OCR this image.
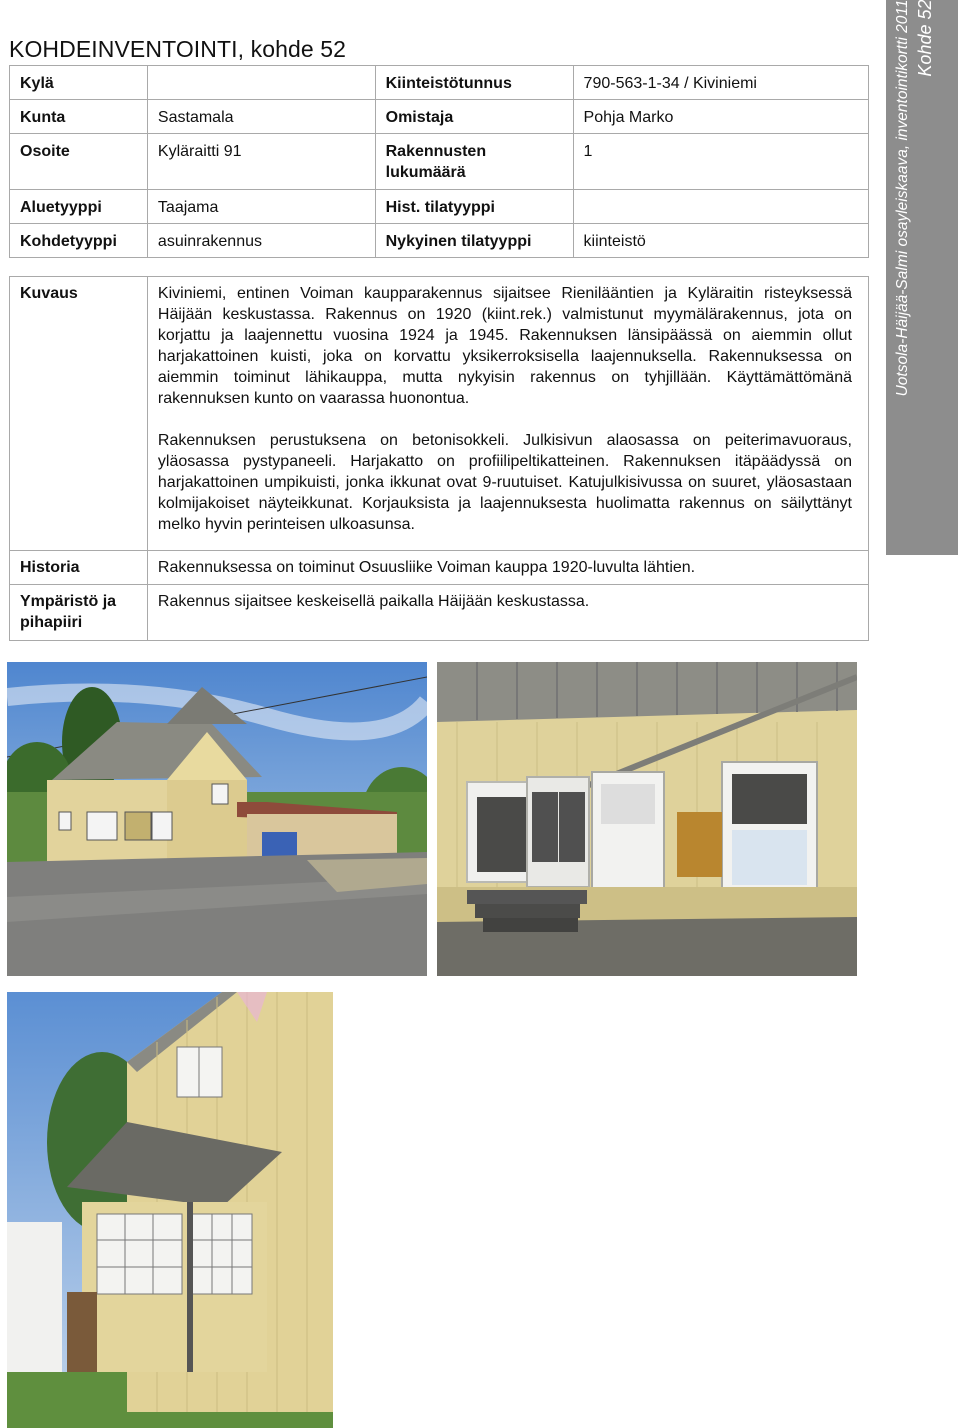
KOHDEINVENTOINTI, kohde 52	Uotsola-Häijää-Salmi osayleiskaava, inventointikortti 2011 Kohde 52
Kylä		Kiinteistötunnus	790-563-1-34 / Kiviniemi
Kunta	Sastamala	Omistaja	Pohja Marko
Osoite	Kyläraitti 91	Rakennusten lukumäärä	1
Aluetyyppi	Taajama	Hist. tilatyyppi	
Kohdetyyppi	asuinrakennus	Nykyinen tilatyyppi	kiinteistö
Kuvaus	Kiviniemi, entinen Voiman kaupparakennus sijaitsee Rienilääntien ja Kyläraitin risteyksessä Häijään keskustassa. Rakennus on 1920 (kiint.rek.) valmistunut myymälärakennus, jota on korjattu ja laajennettu vuosina 1924 ja 1945. Rakennuksen länsipäässä on aiemmin ollut harjakattoinen kuisti, joka on korvattu yksikerroksisella laajennuksella. Rakennuksessa on aiemmin toiminut lähikauppa, mutta nykyisin rakennus on tyhjillään. Käyttämättömänä rakennuksen kunto on vaarassa huonontua.

Rakennuksen perustuksena on betonisokkeli. Julkisivun alaosassa on peiterimavuoraus, yläosassa pystypaneeli. Harjakatto on profiilipeltikatteinen. Rakennuksen itäpäädyssä on harjakattoinen umpikuisti, jonka ikkunat ovat 9-ruutuiset. Katujulkisivussa on suuret, yläosastaan kolmijakoiset näyteikkunat. Korjauksista ja laajennuksesta huolimatta rakennus on säilyttänyt melko hyvin perinteisen ulkoasunsa.

Historia	Rakennuksessa on toiminut Osuusliike Voiman kauppa 1920-luvulta lähtien.
Ympäristö ja pihapiiri	Rakennus sijaitsee keskeisellä paikalla Häijään keskustassa.
